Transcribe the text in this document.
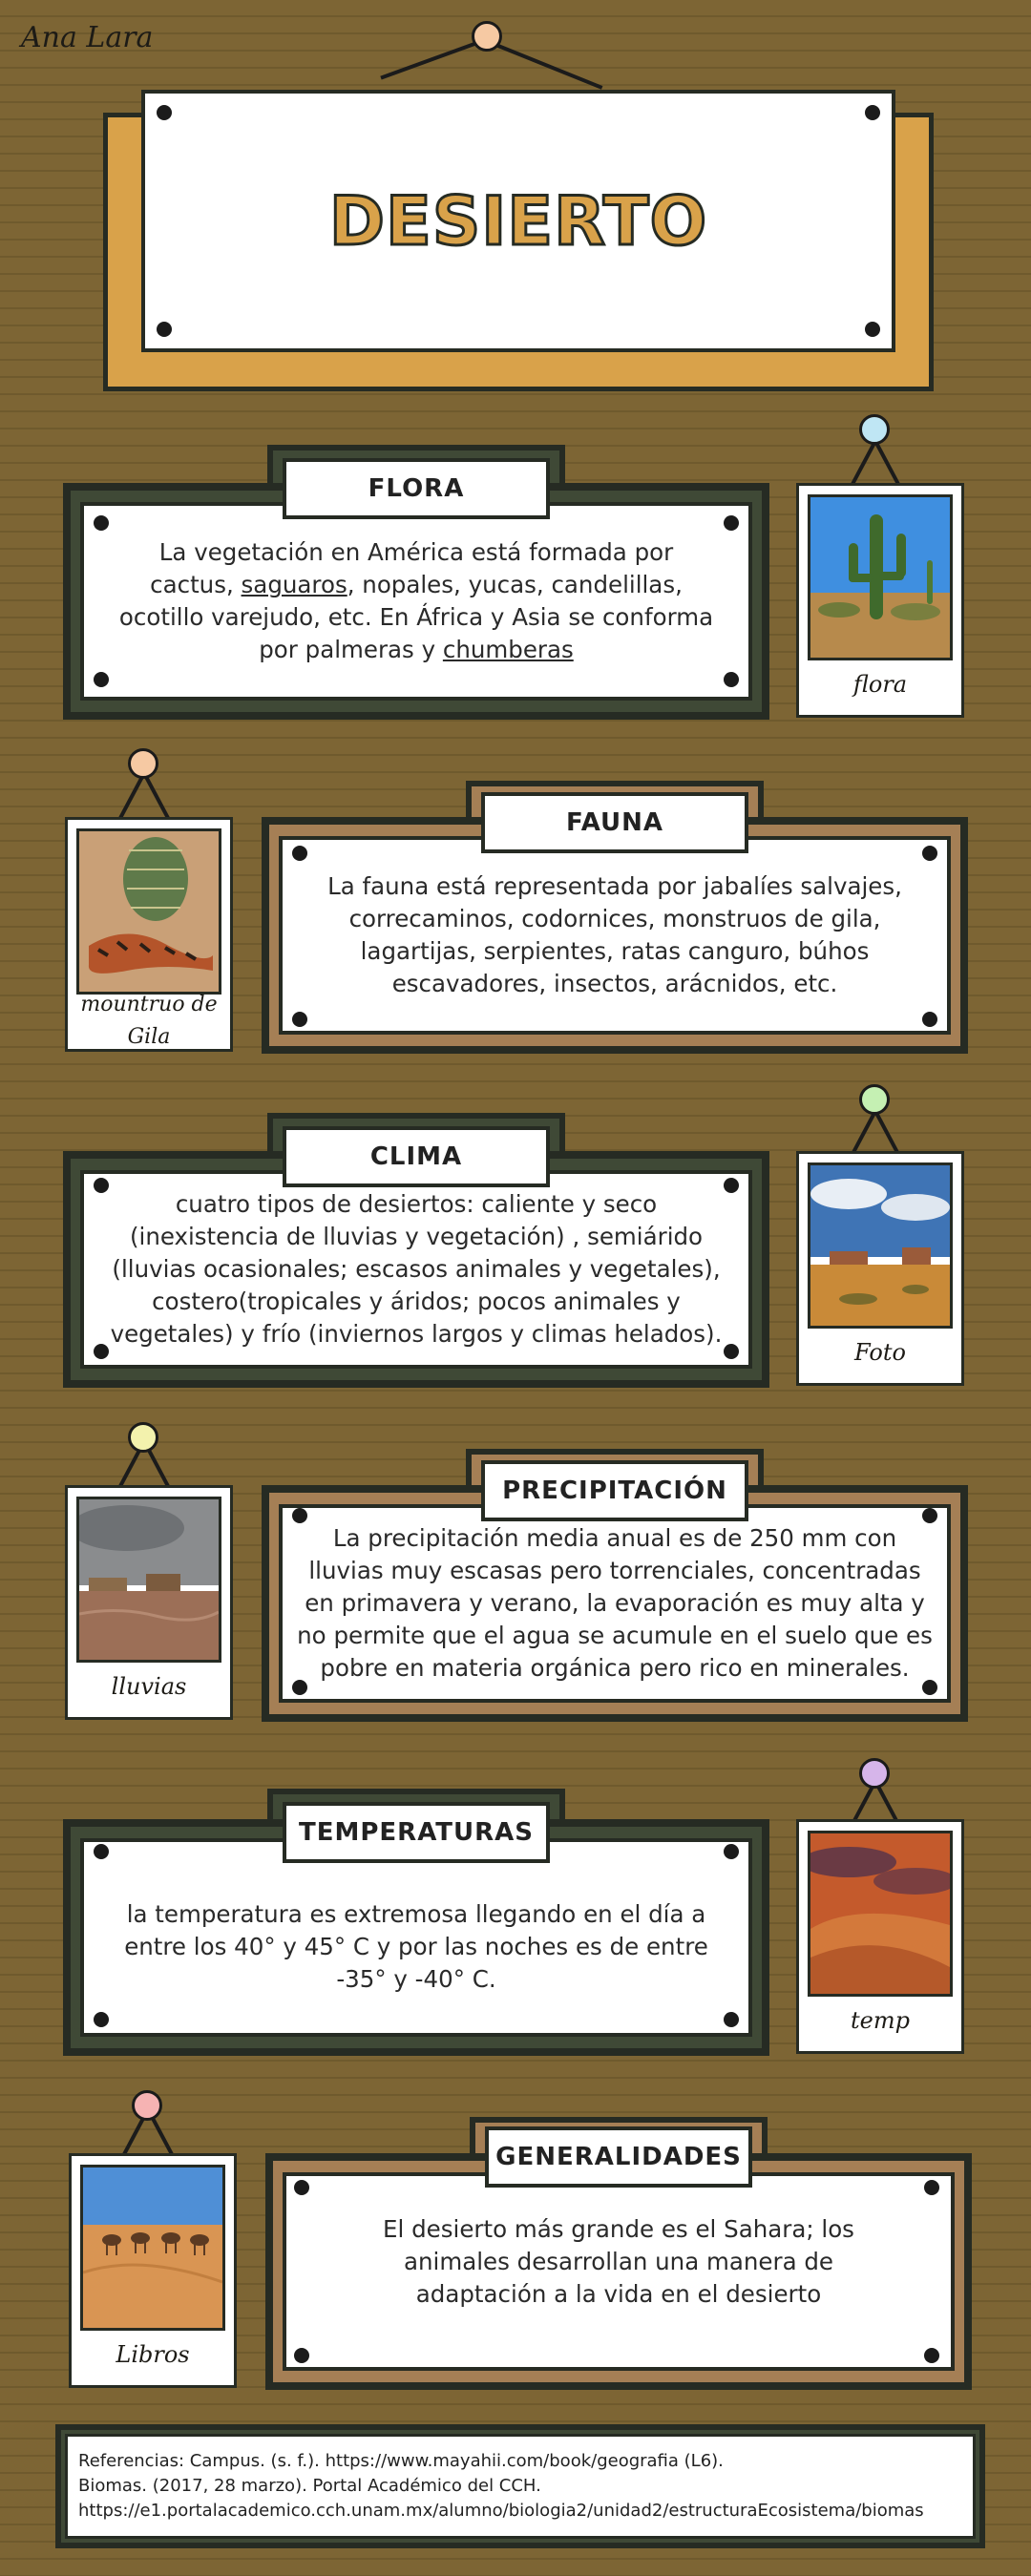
Ana Lara
DESIERTO
FLORA
La vegetación en América está formada por cactus, saguaros, nopales, yucas, candelillas, ocotillo varejudo, etc. En África y Asia se conforma por palmeras y chumberas
flora
mountruo de Gila
FAUNA
La fauna está representada por jabalíes salvajes, correcaminos, codornices, monstruos de gila, lagartijas, serpientes, ratas canguro, búhos escavadores, insectos, arácnidos, etc.
CLIMA
cuatro tipos de desiertos: caliente y seco (inexistencia de lluvias y vegetación) , semiárido (lluvias ocasionales; escasos animales y vegetales), costero(tropicales y áridos; pocos animales y vegetales) y frío (inviernos largos y climas helados).
Foto
lluvias
La precipitación media anual es de 250 mm con lluvias muy escasas pero torrenciales, concentradas en primavera y verano, la evaporación es muy alta y no permite que el agua se acumule en el suelo que es pobre en materia orgánica pero rico en minerales.
PRECIPITACIÓN
TEMPERATURAS
la temperatura es extremosa llegando en el día a entre los 40° y 45° C y por las noches es de entre -35° y -40° C.
temp
Libros
GENERALIDADES
El desierto más grande es el Sahara; los animales desarrollan una manera de adaptación a la vida en el desierto
Referencias: Campus. (s. f.). https://www.mayahii.com/book/geografia (L6).
Biomas. (2017, 28 marzo). Portal Académico del CCH.
https://e1.portalacademico.cch.unam.mx/alumno/biologia2/unidad2/estructuraEcosistema/biomas
